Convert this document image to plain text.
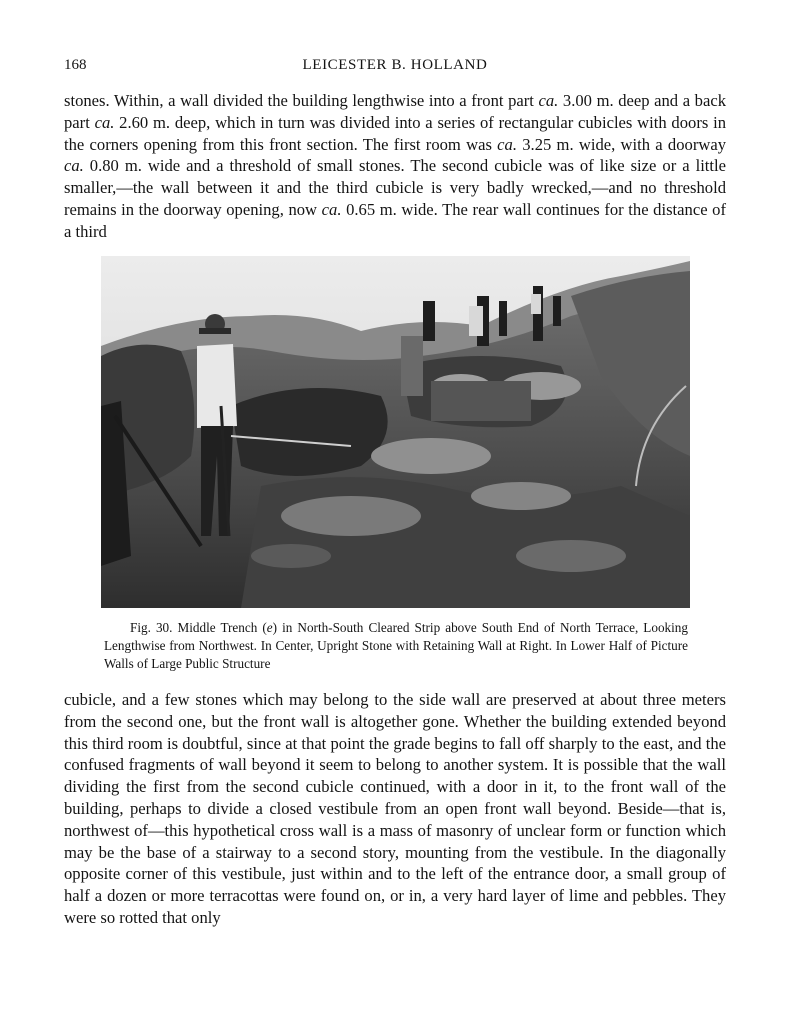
168	LEICESTER B. HOLLAND

stones. Within, a wall divided the building lengthwise into a front part ca. 3.00 m. deep and a back part ca. 2.60 m. deep, which in turn was divided into a series of rectangular cubicles with doors in the corners opening from this front section. The first room was ca. 3.25 m. wide, with a doorway ca. 0.80 m. wide and a threshold of small stones. The second cubicle was of like size or a little smaller,—the wall between it and the third cubicle is very badly wrecked,—and no threshold remains in the doorway opening, now ca. 0.65 m. wide. The rear wall continues for the distance of a third

Fig. 30. Middle Trench (e) in North-South Cleared Strip above South End of North Terrace, Looking Lengthwise from Northwest. In Center, Upright Stone with Retaining Wall at Right. In Lower Half of Picture Walls of Large Public Structure

cubicle, and a few stones which may belong to the side wall are preserved at about three meters from the second one, but the front wall is altogether gone. Whether the building extended beyond this third room is doubtful, since at that point the grade begins to fall off sharply to the east, and the confused fragments of wall beyond it seem to belong to another system. It is possible that the wall dividing the first from the second cubicle continued, with a door in it, to the front wall of the building, perhaps to divide a closed vestibule from an open front wall beyond. Beside—that is, northwest of—this hypothetical cross wall is a mass of masonry of unclear form or function which may be the base of a stairway to a second story, mounting from the vestibule. In the diagonally opposite corner of this vestibule, just within and to the left of the entrance door, a small group of half a dozen or more terracottas were found on, or in, a very hard layer of lime and pebbles. They were so rotted that only
